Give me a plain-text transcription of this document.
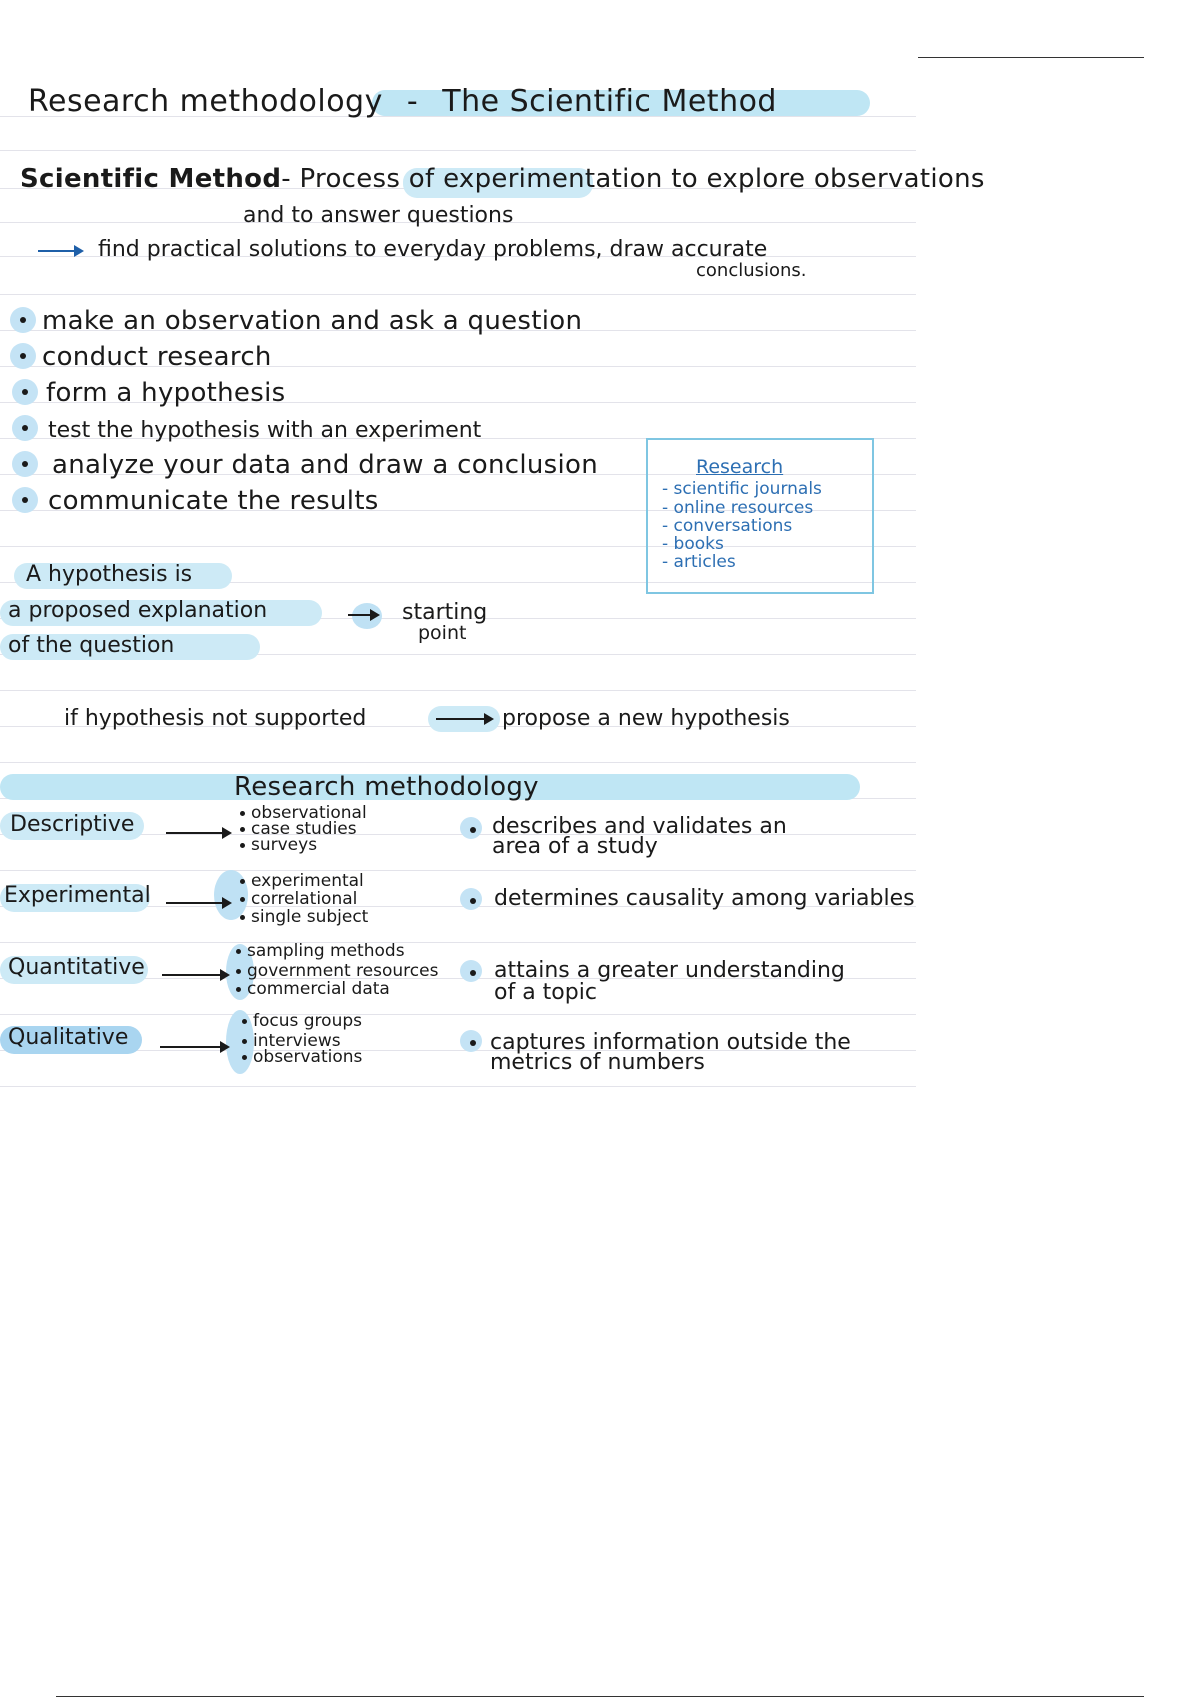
Research methodology - The Scientific Method
Scientific Method- Process of experimentation to explore observations
and to answer questions
find practical solutions to everyday problems, draw accurate
conclusions.
make an observation and ask a question
conduct research
form a hypothesis
test the hypothesis with an experiment
analyze your data and draw a conclusion
communicate the results
Research
- scientific journals
- online resources
- conversations
- books
- articles
A hypothesis is
a proposed explanation
of the question
starting
point
if hypothesis not supported	propose a new hypothesis
Research methodology
Descriptive	observational
case studies
surveys
describes and validates an
area of a study
Experimental
experimental
correlational
single subject
determines causality among variables
Quantitative
sampling methods
government resources
commercial data
attains a greater understanding
of a topic
Qualitative
focus groups
interviews
observations
captures information outside the
metrics of numbers
